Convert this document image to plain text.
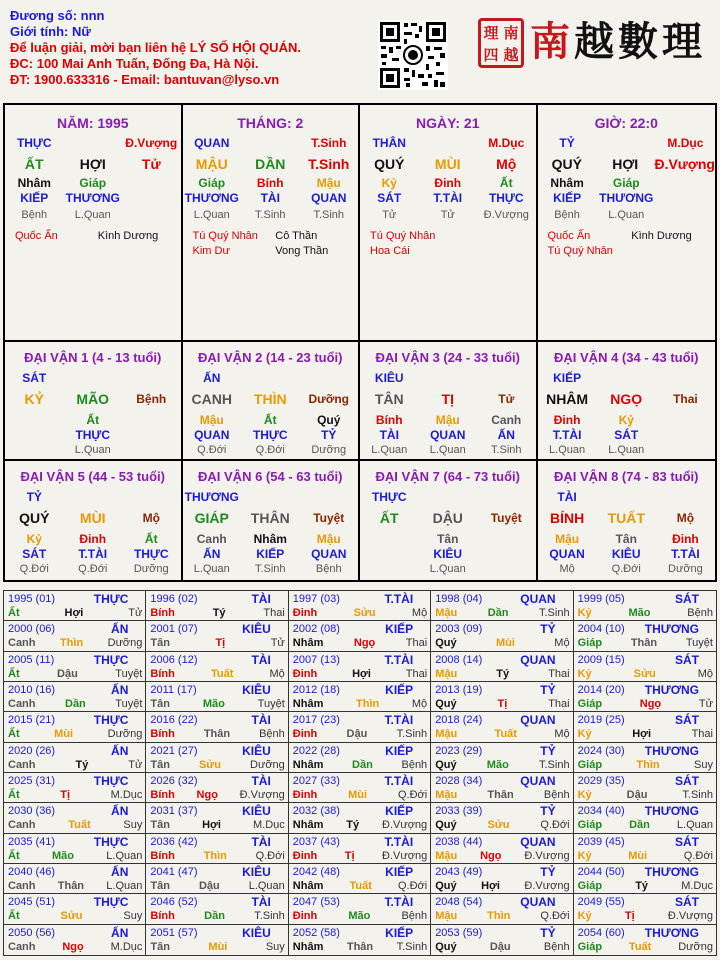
Đương số: nnn
Giới tính: Nữ
Để luận giải, mời bạn liên hệ LÝ SỐ HỘI QUÁN.
ĐC: 100 Mai Anh Tuấn, Đống Đa, Hà Nội.
ĐT: 1900.633316 - Email: bantuvan@lyso.vn
理 南
四 越 南越數理
NĂM: 1995
THỰC	Đ.Vượng
ẤT	HỢI	Tử
Nhâm	Giáp
KIẾP	THƯƠNG
Bệnh	L.Quan
Quốc Ấn	Kình Dương
THÁNG: 2
QUAN	T.Sinh
MẬU	DẦN	T.Sinh
Giáp	Bính	Mậu
THƯƠNG	TÀI	QUAN
L.Quan	T.Sinh	T.Sinh
Tú Quý Nhân	Cô Thần
Kim Dư	Vong Thần
NGÀY: 21
THÂN	M.Dục
QUÝ	MÙI	Mộ
Kỷ	Đinh	Ất
SÁT	T.TÀI	THỰC
Tử	Tử	Đ.Vượng
Tú Quý Nhân
Hoa Cái
GIỜ: 22:0
TỶ	M.Dục
QUÝ	HỢI	Đ.Vượng
Nhâm	Giáp
KIẾP	THƯƠNG
Bệnh	L.Quan
Quốc Ấn	Kình Dương
Tú Quý Nhân
ĐẠI VẬN 1 (4 - 13 tuổi)
SÁT
KỶ	MÃO	Bệnh
Ất
THỰC
L.Quan
ĐẠI VẬN 2 (14 - 23 tuổi)
ẤN
CANH	THÌN	Dưỡng
Mậu	Ất	Quý
QUAN	THỰC	TỶ
Q.Đới	Q.Đới	Dưỡng
ĐẠI VẬN 3 (24 - 33 tuổi)
KIÊU
TÂN	TỊ	Tử
Bính	Mậu	Canh
TÀI	QUAN	ẤN
L.Quan	L.Quan	T.Sinh
ĐẠI VẬN 4 (34 - 43 tuổi)
KIẾP
NHÂM	NGỌ	Thai
Đinh	Kỷ
T.TÀI	SÁT
L.Quan	L.Quan
ĐẠI VẬN 5 (44 - 53 tuổi)
TỶ
QUÝ	MÙI	Mộ
Kỷ	Đinh	Ất
SÁT	T.TÀI	THỰC
Q.Đới	Q.Đới	Dưỡng
ĐẠI VẬN 6 (54 - 63 tuổi)
THƯƠNG
GIÁP	THÂN	Tuyệt
Canh	Nhâm	Mậu
ẤN	KIẾP	QUAN
L.Quan	T.Sinh	Bệnh
ĐẠI VẬN 7 (64 - 73 tuổi)
THỰC
ẤT	DẬU	Tuyệt
Tân
KIÊU
L.Quan
ĐẠI VẬN 8 (74 - 83 tuổi)
TÀI
BÍNH	TUẤT	Mộ
Mậu	Tân	Đinh
QUAN	KIÊU	T.TÀI
Mộ	Q.Đới	Dưỡng
1995 (01)	THỰC
Ất	Hợi	Tử
1996 (02)	TÀI
Bính	Tý	Thai
1997 (03)	T.TÀI
Đinh	Sửu	Mộ
1998 (04)	QUAN
Mậu	Dần	T.Sinh
1999 (05)	SÁT
Kỷ	Mão	Bệnh
2000 (06)	ẤN
Canh Thìn Dưỡng
2001 (07)	KIÊU
Tân	Tị	Tử
2002 (08)	KIẾP
Nhâm	Ngọ	Thai
2003 (09)	TỶ
Quý	Mùi	Mộ
2004 (10) THƯƠNG
Giáp	Thân	Tuyệt
2005 (11)	THỰC
Ất	Dậu	Tuyệt
2006 (12)	TÀI
Bính	Tuất	Mộ
2007 (13)	T.TÀI
Đinh	Hợi	Thai
2008 (14)	QUAN
Mậu	Tý	Thai
2009 (15)	SÁT
Kỷ	Sửu	Mộ
2010 (16)	ẤN
Canh	Dần	Tuyệt
2011 (17)	KIÊU
Tân	Mão	Tuyệt
2012 (18)	KIẾP
Nhâm	Thìn	Mộ
2013 (19)	TỶ
Quý	Tị	Thai
2014 (20) THƯƠNG
Giáp	Ngọ	Tử
2015 (21)	THỰC
Ất	Mùi	Dưỡng
2016 (22)	TÀI
Bính	Thân	Bệnh
2017 (23)	T.TÀI
Đinh	Dậu	T.Sinh
2018 (24)	QUAN
Mậu	Tuất	Mộ
2019 (25)	SÁT
Kỷ	Hợi	Thai
2020 (26)	ẤN
Canh	Tý	Tử
2021 (27)	KIÊU
Tân	Sửu	Dưỡng
2022 (28)	KIẾP
Nhâm	Dần	Bệnh
2023 (29)	TỶ
Quý	Mão	T.Sinh
2024 (30) THƯƠNG
Giáp	Thìn	Suy
2025 (31)	THỰC
Ất	Tị	M.Dục
2026 (32)	TÀI
Bính Ngọ Đ.Vượng
2027 (33)	T.TÀI
Đinh	Mùi	Q.Đới
2028 (34)	QUAN
Mậu	Thân	Bệnh
2029 (35)	SÁT
Kỷ	Dậu	T.Sinh
2030 (36)	ẤN
Canh	Tuất	Suy
2031 (37)	KIÊU
Tân	Hợi	M.Dục
2032 (38)	KIẾP
Nhâm Tý Đ.Vượng
2033 (39)	TỶ
Quý	Sửu	Q.Đới
2034 (40) THƯƠNG
Giáp Dần L.Quan
2035 (41)	THỰC
Ất	Mão	L.Quan
2036 (42)	TÀI
Bính	Thìn	Q.Đới
2037 (43)	T.TÀI
Đinh	Tị	Đ.Vượng
2038 (44)	QUAN
Mậu Ngọ Đ.Vượng
2039 (45)	SÁT
Kỷ	Mùi	Q.Đới
2040 (46)	ẤN
Canh Thân L.Quan
2041 (47)	KIÊU
Tân	Dậu	L.Quan
2042 (48)	KIẾP
Nhâm Tuất Q.Đới
2043 (49)	TỶ
Quý Hợi Đ.Vượng
2044 (50) THƯƠNG
Giáp	Tý	M.Dục
2045 (51)	THỰC
Ất	Sửu	Suy
2046 (52)	TÀI
Bính	Dần	T.Sinh
2047 (53)	T.TÀI
Đinh	Mão	Bệnh
2048 (54)	QUAN
Mậu	Thìn	Q.Đới
2049 (55)	SÁT
Kỷ	Tị	Đ.Vượng
2050 (56)	ẤN
Canh Ngọ M.Dục
2051 (57)	KIÊU
Tân	Mùi	Suy
2052 (58)	KIẾP
Nhâm Thân T.Sinh
2053 (59)	TỶ
Quý	Dậu	Bệnh
2054 (60) THƯƠNG
Giáp Tuất Dưỡng
